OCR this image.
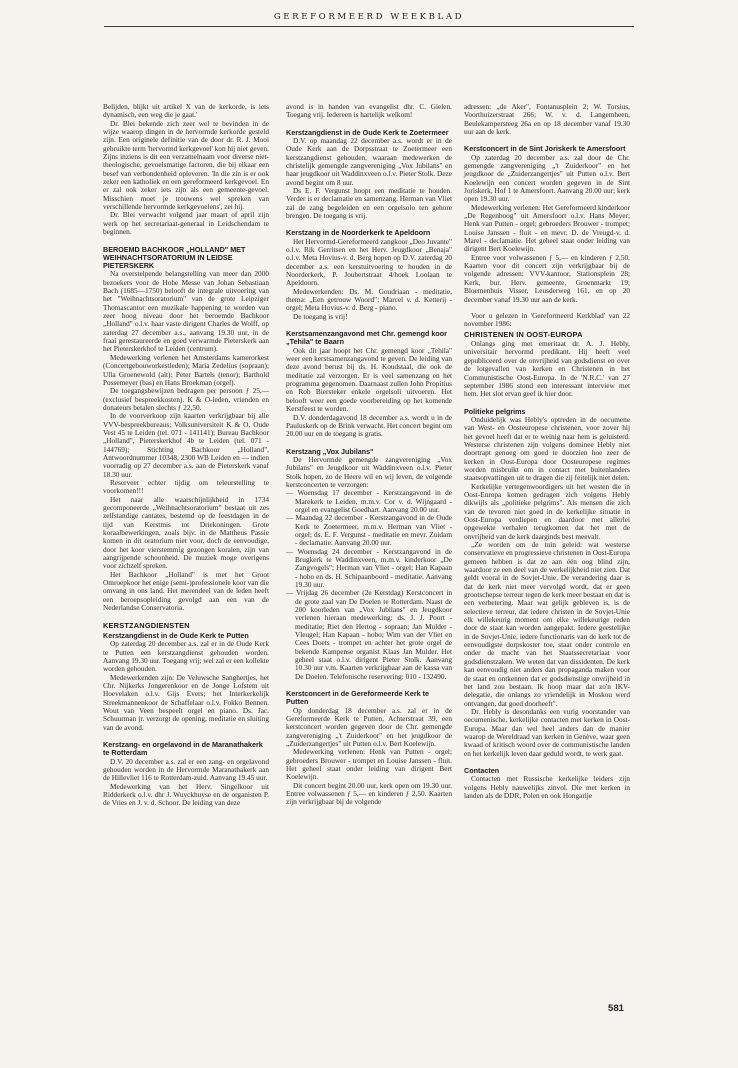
GEREFORMEERD WEEKBLAD

Belijden, blijkt uit artikel X van de kerkorde, is iets dynamisch, een weg die je gaat.'

Dr. Blei bekende zich zeer wel te bevinden in de wijze waarop dingen in de hervormde kerkorde gesteld zijn. Een originele definitie van de door dr. R. J. Mooi gebruikte term 'hervormd kerkgevoel' kon hij niet geven. Zijns inziens is dit een verzamelnaam voor diverse niet-theologische, gevoelsmatige factoren, die bij elkaar een besef van verbondenheid opleveren. 'In die zin is er ook zeker een katholiek en een gereformeerd kerkgevoel. En er zal ook zeker iets zijn als een gemeente-gevoel. Misschien moet je trouwens wel spreken van verschillende hervormde kerkgevoelens', zei hij.

Dr. Blei verwacht volgend jaar maart of april zijn werk op het secretariaat-generaal in Leidschendam te beginnen.

BEROEMD BACHKOOR „HOLLAND" MET WEIHNACHTSORATORIUM IN LEIDSE PIETERSKERK

Na overstelpende belangstelling van meer dan 2000 bezoekers voor de Hohe Messe van Johan Sebastiaan Bach (1685—1750) belooft de integrale uitvoering van het "Weihnachtsoratorium" van de grote Leipziger Thomascantor een muzikale happening te worden van zeer hoog niveau door het beroemde Bachkoor „Holland" o.l.v. haar vaste dirigent Charles de Wolff, op zaterdag 27 december a.s., aanvang 19.30 uur, in de fraai gerestaureerde en goed verwarmde Pieterskerk aan het Pieterskerkhof te Leiden (centrum).

Medewerking verlenen het Amsterdams kamerorkest (Concertgebouworkestleden); Maria Zedelius (sopraan); Ulla Groenewold (alt); Peter Bartels (tenor); Barthold Possemeyer (bas) en Hans Broekman (orgel).

De toegangsbewijzen bedragen per persoon ƒ 25,— (exclusief bespreekkosten). K & O-leden, vrienden en donateurs betalen slechts ƒ 22,50.

In de voorverkoop zijn kaarten verkrijgbaar bij alle VVV-bespreekbureaus; Volksuniversiteit K & O, Oude Vest 45 te Leiden (tel. 071 - 141141); Bureau Bachkoor „Holland", Pieterskerkhof 4b te Leiden (tel. 071 - 144769); Stichting Bachkoor „Holland", Antwoordnummer 10348, 2300 WB Leiden en — indien voorradig op 27 december a.s. aan de Pieterskerk vanaf 18.30 uur.

Reserveer echter tijdig om teleurstelling te voorkomen!!!

Het naar alle waarschijnlijkheid in 1734 gecomponeerde „Weihnachtsoratorium" bestaat uit zes zelfstandige cantates, bestemd op de feestdagen in de tijd van Kerstmis tot Driekoningen. Grote koraalbewerkingen, zoals bijv. in de Mattheus Passie komen in dit oratorium niet voor, doch de eenvoudige, door het koor vierstemmig gezongen koralen, zijn van aangrijpende schoonheid. De muziek moge overigens voor zichzelf spreken.

Het Bachkoor „Holland" is met het Groot Omroepkoor het enige (semi-)professionele koor van die omvang in ons land. Het merendeel van de leden heeft een beroepsopleiding gevolgd aan een van de Nederlandse Conservatoria.

KERSTZANGDIENSTEN
Kerstzangdienst in de Oude Kerk te Putten

Op zaterdag 20 december a.s. zal er in de Oude Kerk te Putten een kerstzangdienst gehouden worden. Aanvang 19.30 uur. Toegang vrij; wel zal er een kollekte worden gehouden.

Medewerkenden zijn: De Veluwsche Sanghertjes, het Chr. Nijkerks Jongerenkoor en de Jonge Lofstem uit Hoevelaken o.l.v. Gijs Evers; het Interkerkelijk Streekmannenkoor de Schaffelaar o.l.v. Fokko Bennen. Wout van Veen bespeelt orgel en piano. Ds. Jac. Schuurman jr. verzorgt de opening, meditatie en sluiting van de avond.

Kerstzang- en orgelavond in de Maranathakerk te Rotterdam

D.V. 20 december a.s. zal er een zang- en orgelavond gehouden worden in de Hervormde Maranathakerk aan de Hillevliet 116 te Rotterdam-zuid. Aanvang 19.45 uur.

Medewerking van het Herv. Singelkoor uit Ridderkerk o.l.v. dhr J. Wuyckhuyse en de organisten P. de Vries en J. v. d. Schoor. De leiding van deze

avond is in handen van evangelist dhr. C. Gielen. Toegang vrij. Iedereen is hartelijk welkom!

Kerstzangdienst in de Oude Kerk te Zoetermeer

D.V. op maandag 22 december a.s. wordt er in de Oude Kerk aan de Dorpsstraat te Zoetermeer een kerstzangdienst gehouden, waaraan medewerken de christelijk gemengde zangvereniging „Vox Jubilans" en haar jeugdkoor uit Waddinxveen o.l.v. Pieter Stolk. Deze avond begint om 8 uur.

Ds E. F. Vergunst hoopt een meditatie te houden. Verder is er declamatie en samenzang. Herman van Vliet zal de zang begeleiden en een orgelsolo ten gehore brengen. De toegang is vrij.

Kerstzang in de Noorderkerk te Apeldoorn

Het Hervormd-Gereformeerd zangkoor „Deo Juvante" o.l.v. Rik Gerritsen en het Herv. Jeugdkoor „Benaja" o.l.v. Meta Hovius-v. d. Berg hopen op D.V. zaterdag 20 december a.s. een kerstuitvoering te houden in de Noorderkerk, P. Joubertstraat 4/hoek Loolaan te Apeldoorn.

Medewerkenden: Ds. M. Goudriaan - meditatie, thema: „Een getrouw Woord"; Marcel v. d. Ketterij - orgel; Meta Hovius-v. d. Berg - piano.

De toegang is vrij!

Kerstsamenzangavond met Chr. gemengd koor „Tehila" te Baarn

Ook dit jaar hoopt het Chr. gemengd koor „Tehila" weer een kerstsamenzangavond te geven. De leiding van deze avond berust bij ds. H. Koudstaal, die ook de meditatie zal verzorgen. Er is veel samenzang en het programma gegenomen. Daarnaast zullen John Propitius en Rob Biersteker enkele orgelsoli uitvoeren. Het belooft weer een goede voorbereiding op het komende Kerstfeest te worden.

D.V. donderdagavond 18 december a.s. wordt u in de Pauluskerk op de Brink verwacht. Het concert begint om 20.00 uur en de toegang is gratis.

Kerstzang „Vox Jubilans"

De Hervormde gemengde zangvereniging „Vox Jubilans" en Jeugdkoor uit Waddinxveen o.l.v. Pieter Stolk hopen, zo de Heere wil en wij leven, de volgende kerstconcerten te verzorgen:

— Woensdag 17 december - Kerstzangavond in de Marekerk te Leiden, m.m.v. Cor v. d. Wijngaard - orgel en evangelist Goedhart. Aanvang 20.00 uur.
— Maandag 22 december - Kerstzangavond in de Oude Kerk te Zoetermeer, m.m.v. Herman van Vliet - orgel; ds. E. F. Vergunst - meditatie en mevr. Zuidam - declamatie. Aanvang 20.00 uur.
— Woensdag 24 december - Kerstzangavond in de Brugkerk te Waddinxveen, m.m.v. kinderkoor „De Zangvogels"; Herman van Vliet - orgel; Han Kapaan - hobo en ds. H. Schipaanboord - meditatie. Aanvang 19.30 uur.
— Vrijdag 26 december (2e Kerstdag) Kerstconcert in de grote zaal van De Doelen te Rotterdam. Naast de 200 koorleden van „Vox Jubilans" en Jeugdkoor verlenen hieraan medewerking: ds. J. J. Poort - meditatie; Riet den Hertog - sopraan; Jan Mulder - Vleugel; Han Kapaan - hobo; Wim van der Vliet en Cees Doets - trompet en achter het grote orgel de bekende Kampense organist Klaas Jan Mulder. Het geheel staat o.l.v. dirigent Pieter Stolk. Aanvang 10.30 uur v.m. Kaarten verkrijgbaar aan de kassa van De Doelen. Telefonische reservering: 010 - 132490.
Kerstconcert in de Gereformeerde Kerk te Putten

Op donderdag 18 december a.s. zal er in de Gereformeerde Kerk te Putten, Achterstraat 39, een kerstconcert worden gegeven door de Chr. gemengde zangvereniging „'t Zuiderkoor" en het jeugdkoor de „Zuiderzangertjes" uit Putten o.l.v. Bert Koelewijn.

Medewerking verlenen: Henk van Putten - orgel; gebroeders Brouwer - trompet en Louise Janssen - fluit. Het geheel staat onder leiding van dirigent Bert Koelewijn.

Dit concert begint 20.00 uur, kerk open om 19.30 uur. Entree volwassenen ƒ 5,— en kinderen ƒ 2,50. Kaarten zijn verkrijgbaar bij de volgende

adressen: „de Aker", Fontanusplein 2; W. Torsius, Voorthuizerstraat 266; W. v. d. Langemheen, Beulekampersteeg 26a en op 18 december vanaf 19.30 uur aan de kerk.

Kerstconcert in de Sint Joriskerk te Amersfoort

Op zaterdag 20 december a.s. zal door de Chr. gemengde zangvereniging „'t Zuiderkoor" en het jeugdkoor de „Zuiderzangertjes" uit Putten o.l.v. Bert Koelewijn een concert worden gegeven in de Sint Joriskerk, Hof 1 te Amersfoort. Aanvang 20.00 uur; kerk open 19.30 uur.

Medewerking verlenen: Het Gereformeerd kinderkoor „De Regenboog" uit Amersfoort o.l.v. Hans Meyer; Henk van Putten - orgel; gebroeders Brouwer - trompet; Louise Janssen - fluit - en mevr. D. de Vreugd-v. d. Marel - declamatie. Het geheel staat onder leiding van dirigent Bert Koelewijn.

Entree voor volwassenen ƒ 5,— en kinderen ƒ 2,50. Kaarten voor dit concert zijn verkrijgbaar bij de volgende adressen: VVV-kantoor, Stationsplein 28; Kerk, bur. Herv. gemeente, Groenmarkt 19; Bloemenhuis Visser, Leusderweg 161, en op 20 december vanaf 19.30 uur aan de kerk.

Voor u gelezen in 'Gereformeerd Kerkblad' van 22 november 1986:

CHRISTENEN IN OOST-EUROPA

Onlangs ging met emeritaat dr. A. J. Hebly, universitair hervormd predikant. Hij heeft veel gepubliceerd over de onvrijheid van godsdienst en over de lotgevallen van kerken en Christenen in het Communistische Oost-Europa. In de 'N.R.C.' van 27 september 1986 stond een interessant interview met hem. Het slot ervan geef ik hier door.

Politieke pelgrims

Onduidelijk was Hebly's optreden in de oecumene van West- en Oosteuropese christenen, voor zover hij het gevoel heeft dat er te weinig naar hem is geluisterd. Westerse christenen zijn volgens dominee Hebly niet doortrapt genoeg om goed te doorzien hoe zeer de kerken in Oost-Europa door Oosteuropese regimes worden misbruikt om in contact met buitenlanders staatsopvattingen uit te dragen die zij feitelijk niet delen.

Kerkelijke vertegenwoordigers uit het westen die in Oost-Europa komen gedragen zich volgens Hebly dikwijls als „politieke pelgrims". Als mensen die zich van de tevoren niet goed in de kerkelijke situatie in Oost-Europa verdiepen en daardoor met allerlei opgewekte verhalen terugkomen dat het met de onvrijheid van de kerk daarginds best meevalt.

„Ze worden om de tuin geleid: wat westerse conservatieve en progressieve christenen in Oost-Europa gemeen hebben is dat ze aan één oog blind zijn, waardoor ze een deel van de werkelijkheid niet zien. Dat geldt vooral in de Sovjet-Unie. De verandering daar is dat de kerk niet meer vervolgd wordt, dat er geen grootschepse terreur tegen de kerk meer bestaat en dat is een verbetering. Maar wat gelijk gebleven is, is de selectieve terreur, dat iedere christen in de Sovjet-Unie elk willekeurig moment om elke willekeurige reden door de staat kan worden aangepakt. Iedere geestelijke in de Sovjet-Unie, iedere functionaris van de kerk tot de eenvoudigste dorpskoster toe, staat onder controle en onder de macht van het Staatssecretariaat voor godsdienstzaken. We weten dat van dissidenten. De kerk kan eenvoudig niet anders dan propaganda maken voor de staat en ontkennen dat er godsdienstige onvrijheid in het land zou bestaan. Ik hoop maar dat zo'n IKV-delegatie, die onlangs zo vriendelijk in Moskou werd ontvangen, dat goed doorheeft".

Dr. Hebly is desondanks een vurig voorstander van oecumenische, kerkelijke contacten met kerken in Oost-Europa. Maar dan wel heel anders dan de manier waarop de Wereldraad van kerken in Genève, waar geen kwaad of kritisch woord over de communistische landen en het kerkelijk leven daar geduld wordt, te werk gaat.

Contacten

Contacten met Russische kerkelijke leiders zijn volgens Hebly nauwelijks zinvol. Die met kerken in landen als de DDR, Polen en ook Hongarije

581
